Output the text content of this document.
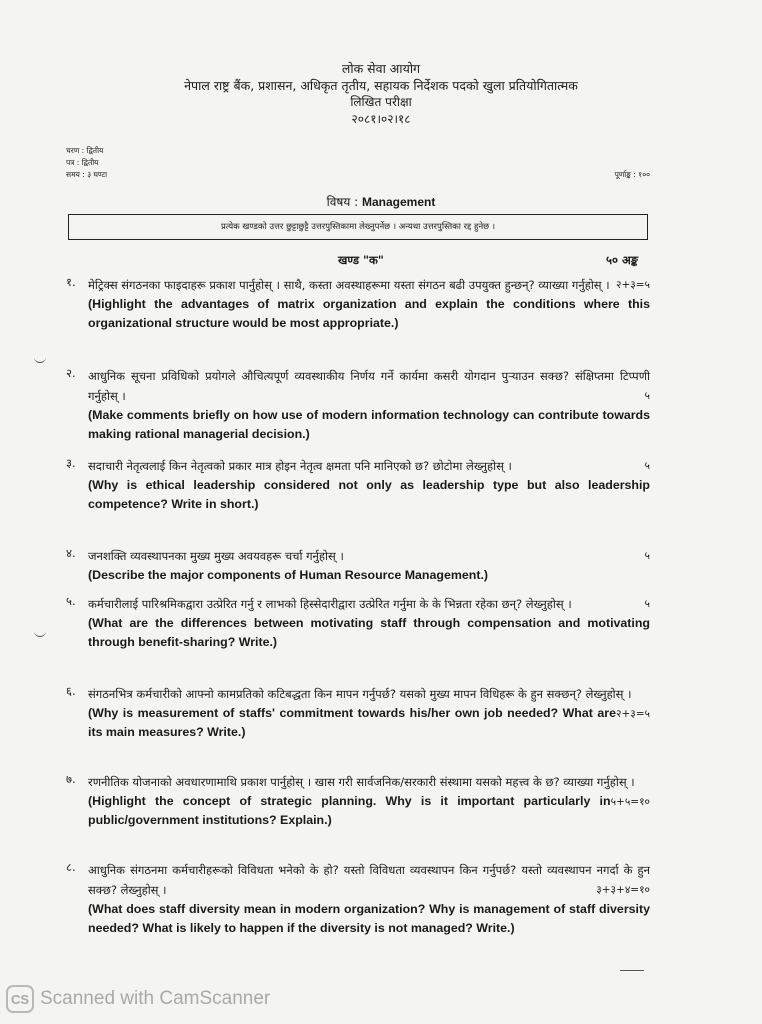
लोक सेवा आयोग
नेपाल राष्ट्र बैंक, प्रशासन, अधिकृत तृतीय, सहायक निर्देशक पदको खुला प्रतियोगितात्मक
लिखित परीक्षा
२०८१।०२।१८
चरण : द्वितीय
पत्र : द्वितीय
समय : ३ घण्टा	पूर्णाङ्क : १००
विषय : Management
प्रत्येक खण्डको उत्तर छुट्टाछुट्टै उत्तरपुस्तिकामा लेख्नुपर्नेछ । अन्यथा उत्तरपुस्तिका रद्द हुनेछ ।
खण्ड "क"	५० अङ्क
१. मेट्रिक्स संगठनका फाइदाहरू प्रकाश पार्नुहोस् । साथै, कस्ता अवस्थाहरूमा यस्ता संगठन बढी उपयुक्त हुन्छन्? व्याख्या गर्नुहोस् । २+३=५
(Highlight the advantages of matrix organization and explain the conditions where this organizational structure would be most appropriate.)
२. आधुनिक सूचना प्रविधिको प्रयोगले औचित्यपूर्ण व्यवस्थाकीय निर्णय गर्ने कार्यमा कसरी योगदान पुऱ्याउन सक्छ? संक्षिप्तमा टिप्पणी गर्नुहोस् ।	५
(Make comments briefly on how use of modern information technology can contribute towards making rational managerial decision.)
३. सदाचारी नेतृत्वलाई किन नेतृत्वको प्रकार मात्र होइन नेतृत्व क्षमता पनि मानिएको छ? छोटोमा लेख्नुहोस् ।	५
(Why is ethical leadership considered not only as leadership type but also leadership competence? Write in short.)
४. जनशक्ति व्यवस्थापनका मुख्य मुख्य अवयवहरू चर्चा गर्नुहोस् ।	५
(Describe the major components of Human Resource Management.)
५. कर्मचारीलाई पारिश्रमिकद्वारा उत्प्रेरित गर्नु र लाभको हिस्सेदारीद्वारा उत्प्रेरित गर्नुमा के के भिन्नता रहेका छन्? लेख्नुहोस् ।	५
(What are the differences between motivating staff through compensation and motivating through benefit-sharing? Write.)
६. संगठनभित्र कर्मचारीको आफ्नो कामप्रतिको कटिबद्धता किन मापन गर्नुपर्छ? यसको मुख्य मापन विधिहरू के हुन सक्छन्? लेख्नुहोस् ।
२+३=५
(Why is measurement of staffs' commitment towards his/her own job needed? What are its main measures? Write.)
७. रणनीतिक योजनाको अवधारणामाथि प्रकाश पार्नुहोस् । खास गरी सार्वजनिक/सरकारी संस्थामा यसको महत्त्व के छ? व्याख्या गर्नुहोस् ।
५+५=१०
(Highlight the concept of strategic planning. Why is it important particularly in public/government institutions? Explain.)
८. आधुनिक संगठनमा कर्मचारीहरूको विविधता भनेको के हो? यस्तो विविधता व्यवस्थापन किन गर्नुपर्छ? यस्तो व्यवस्थापन नगर्दा के हुन सक्छ? लेख्नुहोस् ।	३+३+४=१०
(What does staff diversity mean in modern organization? Why is management of staff diversity needed? What is likely to happen if the diversity is not managed? Write.)
CS Scanned with CamScanner
